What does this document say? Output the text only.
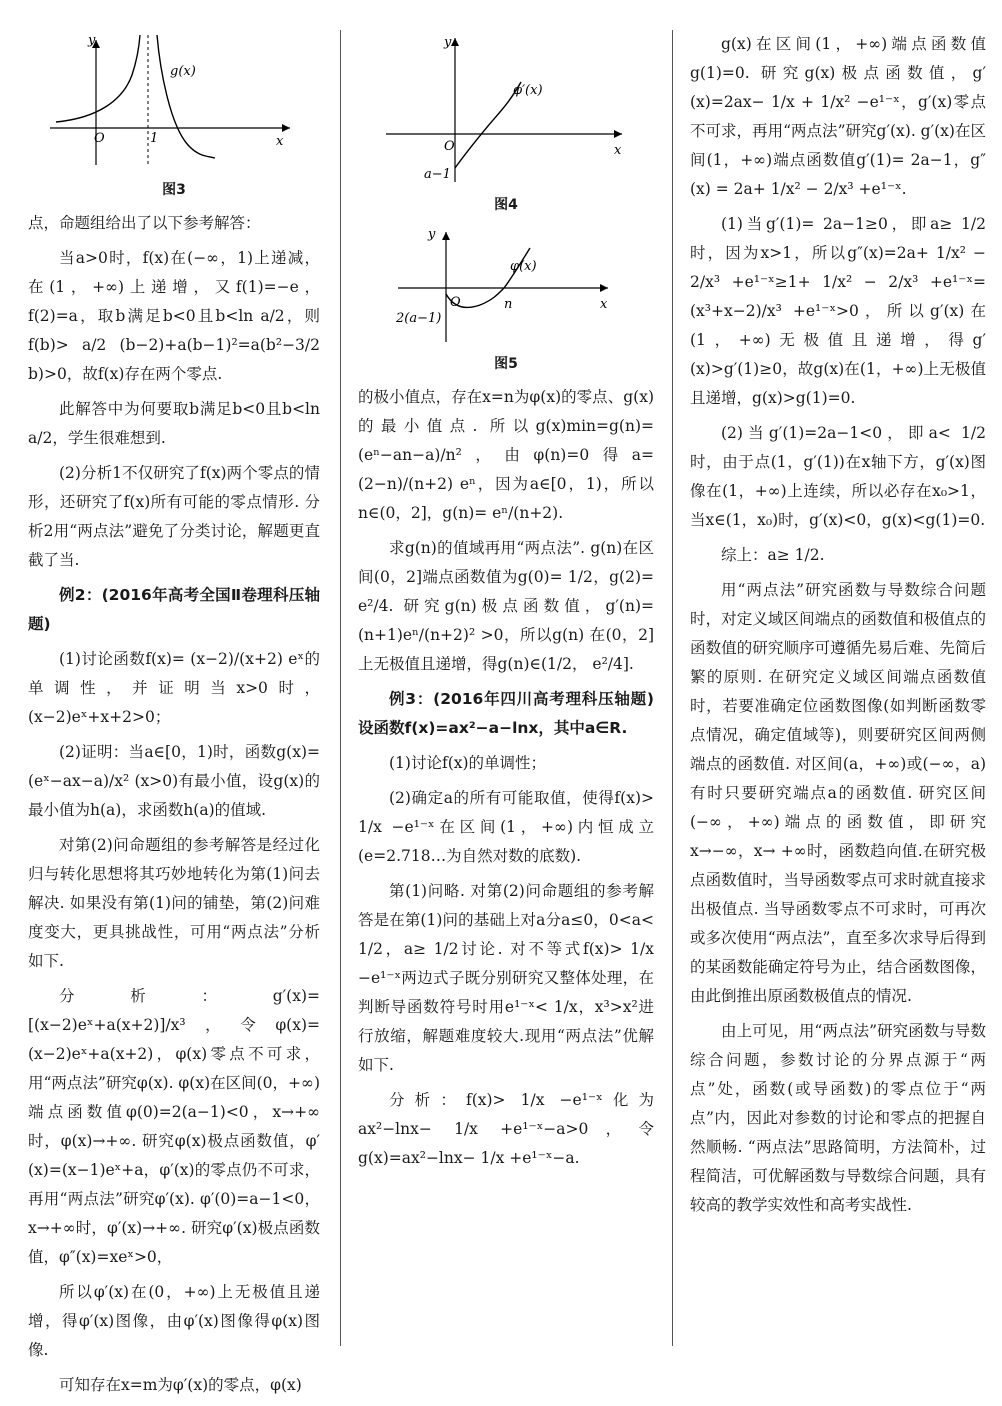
y
x
O	1
g(x)
图3

点，命题组给出了以下参考解答：

当a>0时，f(x)在(−∞，1)上递减，在(1，+∞)上递增，又f(1)=−e，f(2)=a，取b满足b<0且b<ln a/2，则f(b)> a/2 (b−2)+a(b−1)²=a(b²−3/2 b)>0，故f(x)存在两个零点.

此解答中为何要取b满足b<0且b<ln a/2，学生很难想到.

(2)分析1不仅研究了f(x)两个零点的情形，还研究了f(x)所有可能的零点情形. 分析2用“两点法”避免了分类讨论，解题更直截了当.

例2：(2016年高考全国Ⅱ卷理科压轴题)

(1)讨论函数f(x)= (x−2)/(x+2) eˣ的单调性，并证明当x>0时，(x−2)eˣ+x+2>0；

(2)证明：当a∈[0，1)时，函数g(x)= (eˣ−ax−a)/x² (x>0)有最小值，设g(x)的最小值为h(a)，求函数h(a)的值域.

对第(2)问命题组的参考解答是经过化归与转化思想将其巧妙地转化为第(1)问去解决. 如果没有第(1)问的铺垫，第(2)问难度变大，更具挑战性，可用“两点法”分析如下.

分析：g′(x)= [(x−2)eˣ+a(x+2)]/x³，令φ(x)=(x−2)eˣ+a(x+2)，φ(x)零点不可求，用“两点法”研究φ(x). φ(x)在区间(0，+∞)端点函数值φ(0)=2(a−1)<0，x→+∞时，φ(x)→+∞. 研究φ(x)极点函数值，φ′(x)=(x−1)eˣ+a，φ′(x)的零点仍不可求，再用“两点法”研究φ′(x). φ′(0)=a−1<0，x→+∞时，φ′(x)→+∞. 研究φ′(x)极点函数值，φ″(x)=xeˣ>0，

所以φ′(x)在(0，+∞)上无极值且递增，得φ′(x)图像，由φ′(x)图像得φ(x)图像.

可知存在x=m为φ′(x)的零点，φ(x)

y
x
O
φ′(x)
a−1
图4
y
x
O	n
φ(x)
2(a−1)
图5

的极小值点，存在x=n为φ(x)的零点、g(x)的最小值点. 所以g(x)min=g(n)= (eⁿ−an−a)/n²，由φ(n)=0得a= (2−n)/(n+2) eⁿ，因为a∈[0，1)，所以n∈(0，2]，g(n)= eⁿ/(n+2).

求g(n)的值域再用“两点法”. g(n)在区间(0，2]端点函数值为g(0)= 1/2，g(2)= e²/4. 研究g(n)极点函数值，g′(n)= (n+1)eⁿ/(n+2)² >0，所以g(n) 在(0，2]上无极值且递增，得g(n)∈(1/2， e²/4].

例3：(2016年四川高考理科压轴题)设函数f(x)=ax²−a−lnx，其中a∈R.

(1)讨论f(x)的单调性；

(2)确定a的所有可能取值，使得f(x)> 1/x −e¹⁻ˣ在区间(1，+∞)内恒成立(e=2.718…为自然对数的底数).

第(1)问略. 对第(2)问命题组的参考解答是在第(1)问的基础上对a分a≤0，0<a< 1/2，a≥ 1/2讨论. 对不等式f(x)> 1/x −e¹⁻ˣ两边式子既分别研究又整体处理，在判断导函数符号时用e¹⁻ˣ< 1/x，x³>x²进行放缩，解题难度较大.现用“两点法”优解如下.

分析：f(x)> 1/x −e¹⁻ˣ化为ax²−lnx− 1/x +e¹⁻ˣ−a>0，令g(x)=ax²−lnx− 1/x +e¹⁻ˣ−a.

g(x)在区间(1，+∞)端点函数值g(1)=0. 研究g(x)极点函数值，g′(x)=2ax− 1/x + 1/x² −e¹⁻ˣ，g′(x)零点不可求，再用“两点法”研究g′(x). g′(x)在区间(1，+∞)端点函数值g′(1)= 2a−1，g″(x) = 2a+ 1/x² − 2/x³ +e¹⁻ˣ.

(1)当g′(1)= 2a−1≥0，即a≥ 1/2 时，因为x>1，所以g″(x)=2a+ 1/x² − 2/x³ +e¹⁻ˣ≥1+ 1/x² − 2/x³ +e¹⁻ˣ= (x³+x−2)/x³ +e¹⁻ˣ>0，所以g′(x)在(1，+∞)无极值且递增，得g′(x)>g′(1)≥0，故g(x)在(1，+∞)上无极值且递增，g(x)>g(1)=0.

(2)当g′(1)=2a−1<0，即a< 1/2 时，由于点(1，g′(1))在x轴下方，g′(x)图像在(1，+∞)上连续，所以必存在x₀>1，当x∈(1，x₀)时，g′(x)<0，g(x)<g(1)=0.

综上：a≥ 1/2.

用“两点法”研究函数与导数综合问题时，对定义域区间端点的函数值和极值点的函数值的研究顺序可遵循先易后难、先简后繁的原则. 在研究定义域区间端点函数值时，若要准确定位函数图像(如判断函数零点情况，确定值域等)，则要研究区间两侧端点的函数值. 对区间(a，+∞)或(−∞，a)有时只要研究端点a的函数值. 研究区间(−∞，+∞)端点的函数值，即研究x→−∞，x→ +∞时，函数趋向值.在研究极点函数值时，当导函数零点可求时就直接求出极值点. 当导函数零点不可求时，可再次或多次使用“两点法”，直至多次求导后得到的某函数能确定符号为止，结合函数图像，由此倒推出原函数极值点的情况.

由上可见，用“两点法”研究函数与导数综合问题，参数讨论的分界点源于“两点”处，函数(或导函数)的零点位于“两点”内，因此对参数的讨论和零点的把握自然顺畅. “两点法”思路简明，方法简朴，过程简洁，可优解函数与导数综合问题，具有较高的教学实效性和高考实战性.
